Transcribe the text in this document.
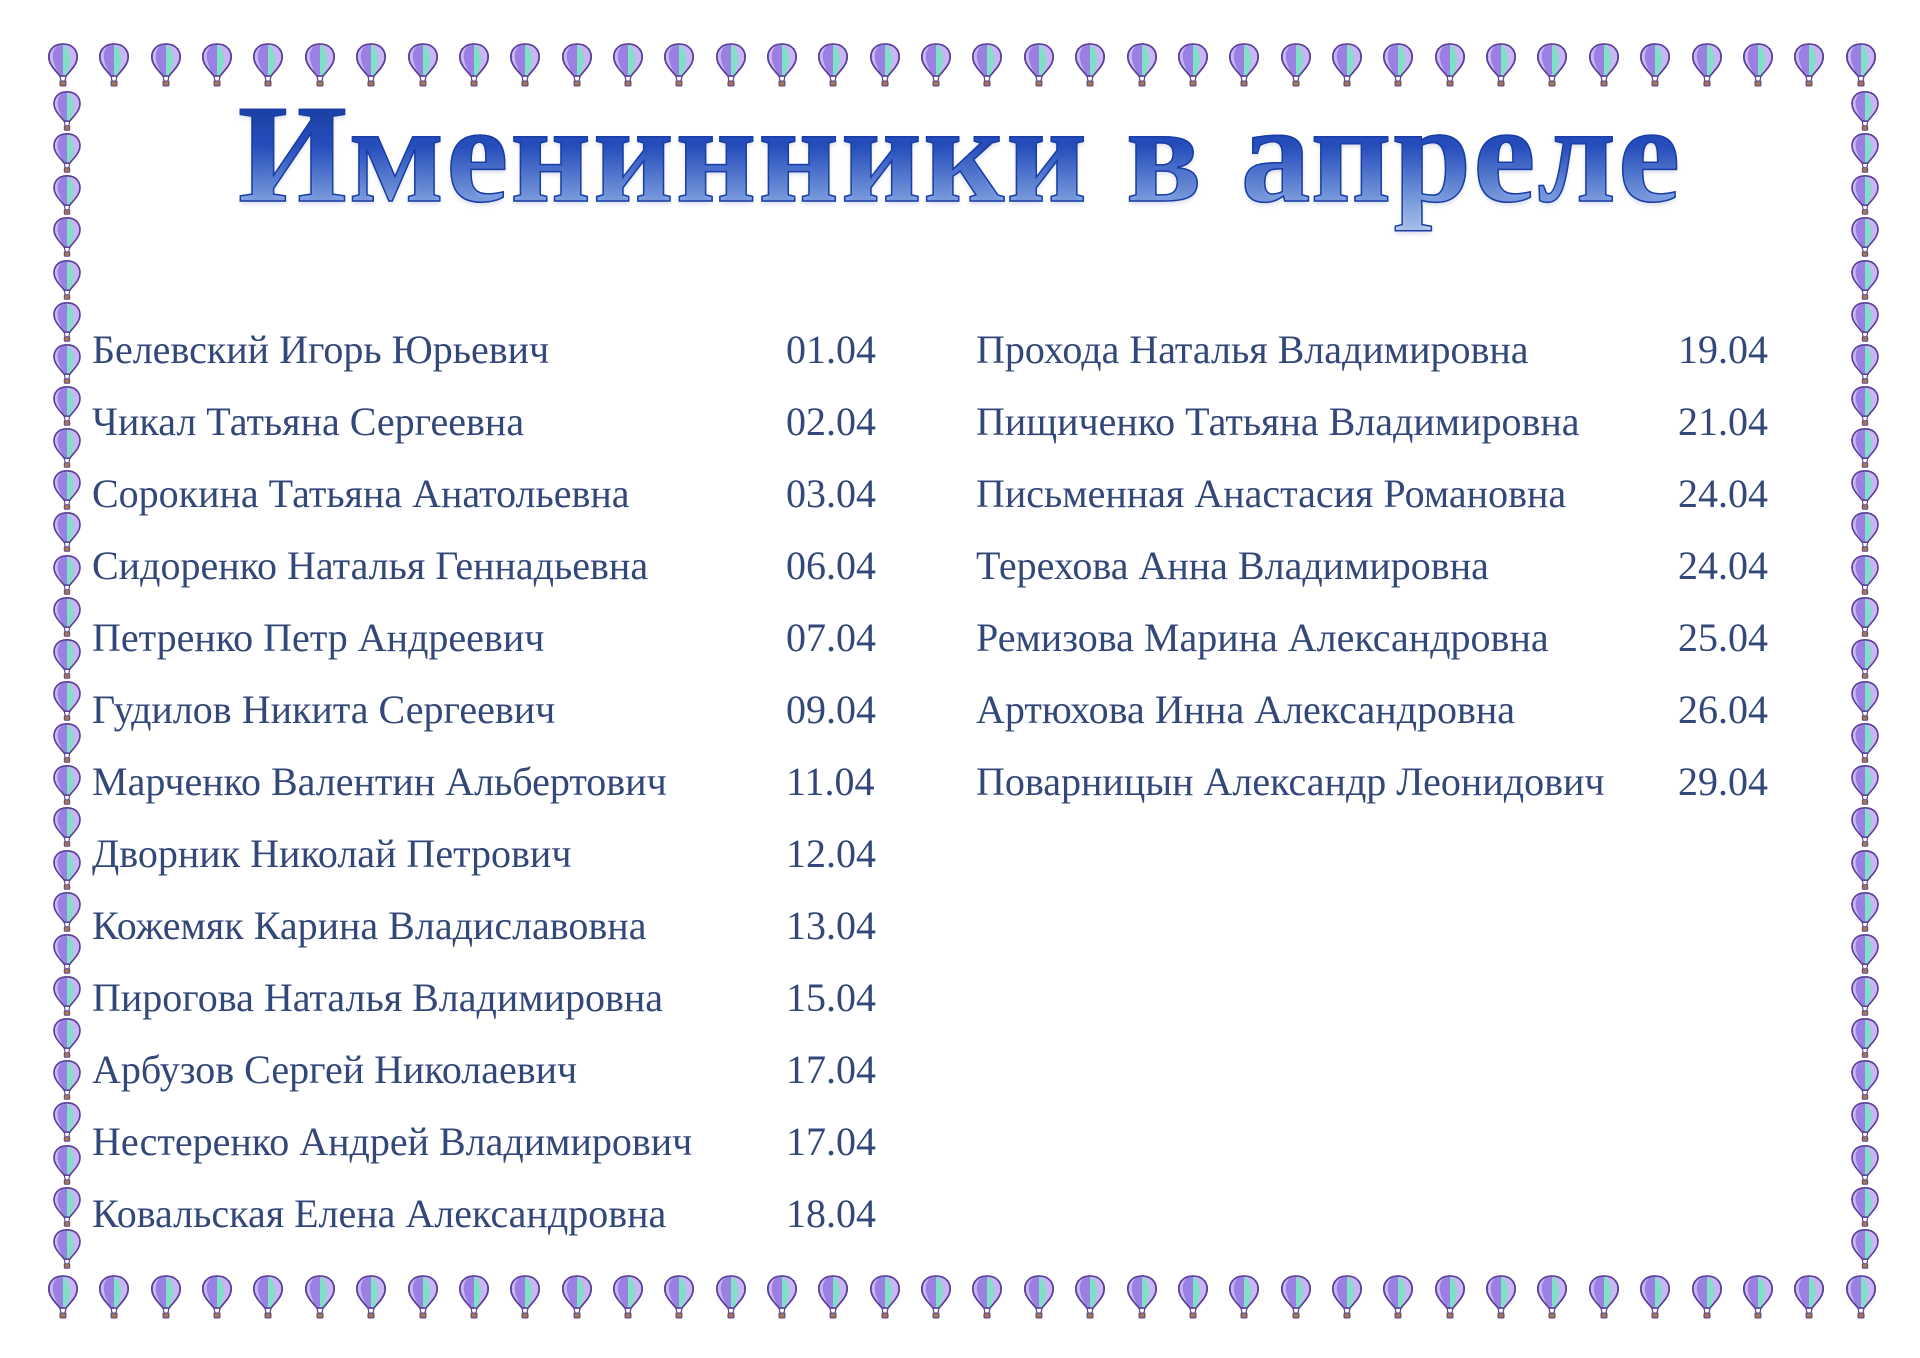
Именинники в апреле
Белевский Игорь Юрьевич	01.04
Чикал Татьяна Сергеевна	02.04
Сорокина Татьяна Анатольевна	03.04
Сидоренко Наталья Геннадьевна	06.04
Петренко Петр Андреевич	07.04
Гудилов Никита Сергеевич	09.04
Марченко Валентин Альбертович	11.04
Дворник Николай Петрович	12.04
Кожемяк Карина Владиславовна	13.04
Пирогова Наталья Владимировна	15.04
Арбузов Сергей Николаевич	17.04
Нестеренко Андрей Владимирович 17.04
Ковальская Елена Александровна	18.04
Прохода Наталья Владимировна	19.04
Пищиченко Татьяна Владимировна 21.04
Письменная Анастасия Романовна	24.04
Терехова Анна Владимировна	24.04
Ремизова Марина Александровна	25.04
Артюхова Инна Александровна	26.04
Поварницын Александр Леонидович 29.04
